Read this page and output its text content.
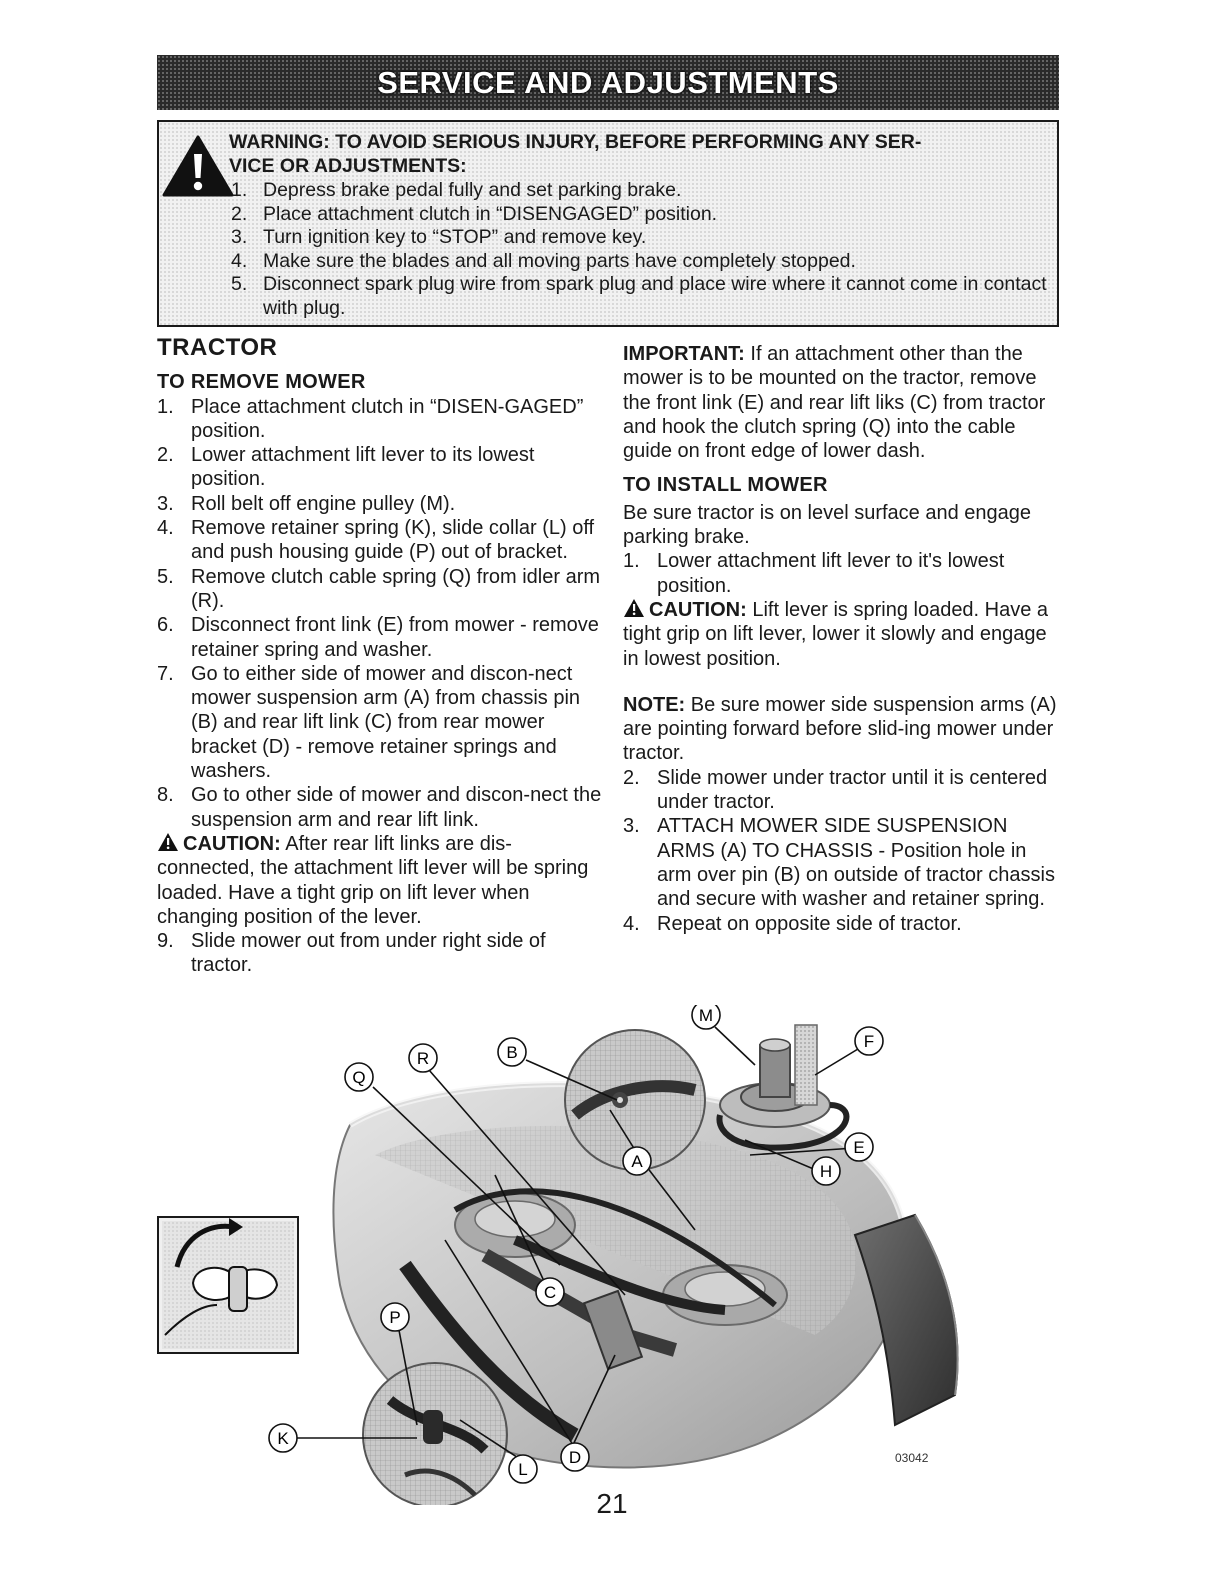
SERVICE AND ADJUSTMENTS
WARNING: TO AVOID SERIOUS INJURY, BEFORE PERFORMING ANY SER-
VICE OR ADJUSTMENTS:
1. Depress brake pedal fully and set parking brake.
2. Place attachment clutch in “DISENGAGED” position.
3. Turn ignition key to “STOP” and remove key.
4. Make sure the blades and all moving parts have completely stopped.
5. Disconnect spark plug wire from spark plug and place wire where it cannot come in contact with plug.
TRACTOR
TO REMOVE MOWER
1. Place attachment clutch in “DISEN-GAGED” position.
2. Lower attachment lift lever to its lowest position.
3. Roll belt off engine pulley (M).
4. Remove retainer spring (K), slide collar (L) off and push housing guide (P) out of bracket.
5. Remove clutch cable spring (Q) from idler arm (R).
6. Disconnect front link (E) from mower - remove retainer spring and washer.
7. Go to either side of mower and discon-nect mower suspension arm (A) from chassis pin (B) and rear lift link (C) from rear mower bracket (D) - remove retainer springs and washers.
8. Go to other side of mower and discon-nect the suspension arm and rear lift link.

CAUTION: After rear lift links are dis-connected, the attachment lift lever will be spring loaded. Have a tight grip on lift lever when changing position of the lever.

9. Slide mower out from under right side of tractor.

IMPORTANT: If an attachment other than the mower is to be mounted on the tractor, remove the front link (E) and rear lift liks (C) from tractor and hook the clutch spring (Q) into the cable guide on front edge of lower dash.

TO INSTALL MOWER

Be sure tractor is on level surface and engage parking brake.

1. Lower attachment lift lever to it's lowest position.

CAUTION: Lift lever is spring loaded. Have a tight grip on lift lever, lower it slowly and engage in lowest position.

NOTE: Be sure mower side suspension arms (A) are pointing forward before slid-ing mower under tractor.

2. Slide mower under tractor until it is centered under tractor.
3. ATTACH MOWER SIDE SUSPENSION ARMS (A) TO CHASSIS - Position hole in arm over pin (B) on outside of tractor chassis and secure with washer and retainer spring.
4. Repeat on opposite side of tractor.
B
Q
R
M
F
E
H
A
P
C
K
L
D	03042
21
